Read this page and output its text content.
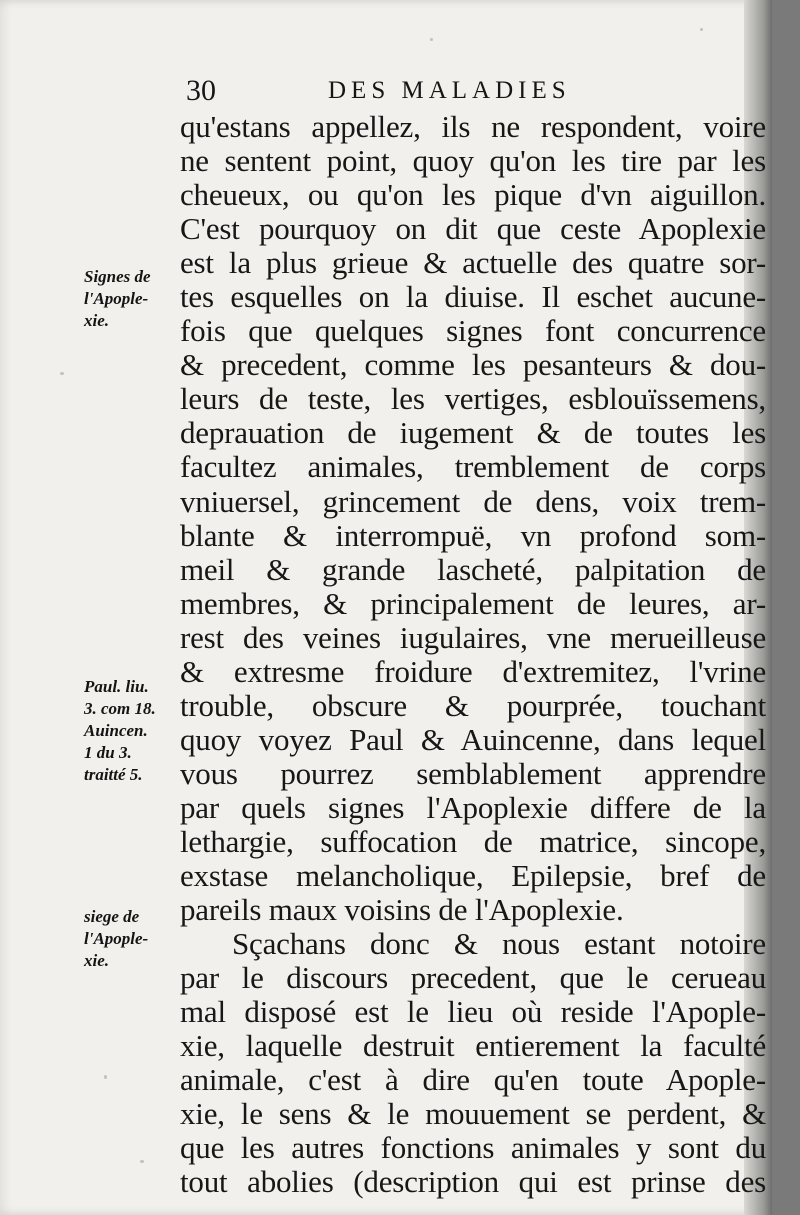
30	DES MALADIES
Signes de
l'Apople-
xie.
Paul. liu.
3. com 18.
Auincen.
1 du 3.
traitté 5.
siege de
l'Apople-
xie.
qu'estans appellez, ils ne respondent, voire
ne sentent point, quoy qu'on les tire par les
cheueux, ou qu'on les pique d'vn aiguillon.
C'est pourquoy on dit que ceste Apoplexie
est la plus grieue & actuelle des quatre sor-
tes esquelles on la diuise. Il eschet aucune-
fois que quelques signes font concurrence
& precedent, comme les pesanteurs & dou-
leurs de teste, les vertiges, esblouïssemens,
deprauation de iugement & de toutes les
facultez animales, tremblement de corps
vniuersel, grincement de dens, voix trem-
blante & interrompuë, vn profond som-
meil & grande lascheté, palpitation de
membres, & principalement de leures, ar-
rest des veines iugulaires, vne merueilleuse
& extresme froidure d'extremitez, l'vrine
trouble, obscure & pourprée, touchant
quoy voyez Paul & Auincenne, dans lequel
vous pourrez semblablement apprendre
par quels signes l'Apoplexie differe de la
lethargie, suffocation de matrice, sincope,
exstase melancholique, Epilepsie, bref de
pareils maux voisins de l'Apoplexie.
Sçachans donc & nous estant notoire
par le discours precedent, que le cerueau
mal disposé est le lieu où reside l'Apople-
xie, laquelle destruit entierement la faculté
animale, c'est à dire qu'en toute Apople-
xie, le sens & le mouuement se perdent, &
que les autres fonctions animales y sont du
tout abolies (description qui est prinse des
